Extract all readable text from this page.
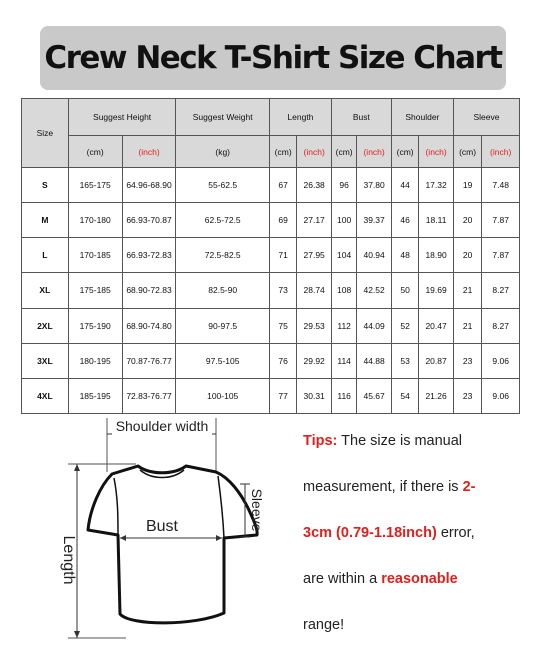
Crew Neck T-Shirt Size Chart
Size	Suggest Height		Suggest Weight	Length		Bust		Shoulder		Sleeve	
	(cm)	(inch)	(kg)	(cm)	(inch)	(cm)	(inch)	(cm)	(inch)	(cm)	(inch)
S	165-175	64.96-68.90	55-62.5	67	26.38	96	37.80	44	17.32	19	7.48
M	170-180	66.93-70.87	62.5-72.5	69	27.17	100	39.37	46	18.11	20	7.87
L	170-185	66.93-72.83	72.5-82.5	71	27.95	104	40.94	48	18.90	20	7.87
XL	175-185	68.90-72.83	82.5-90	73	28.74	108	42.52	50	19.69	21	8.27
2XL	175-190	68.90-74.80	90-97.5	75	29.53	112	44.09	52	20.47	21	8.27
3XL	180-195	70.87-76.77	97.5-105	76	29.92	114	44.88	53	20.87	23	9.06
4XL	185-195	72.83-76.77	100-105	77	30.31	116	45.67	54	21.26	23	9.06
Shoulder width
Bust	Sleeve
Length
Tips: The size is manual
measurement, if there is 2-
3cm (0.79-1.18inch) error,
are within a reasonable
range!
